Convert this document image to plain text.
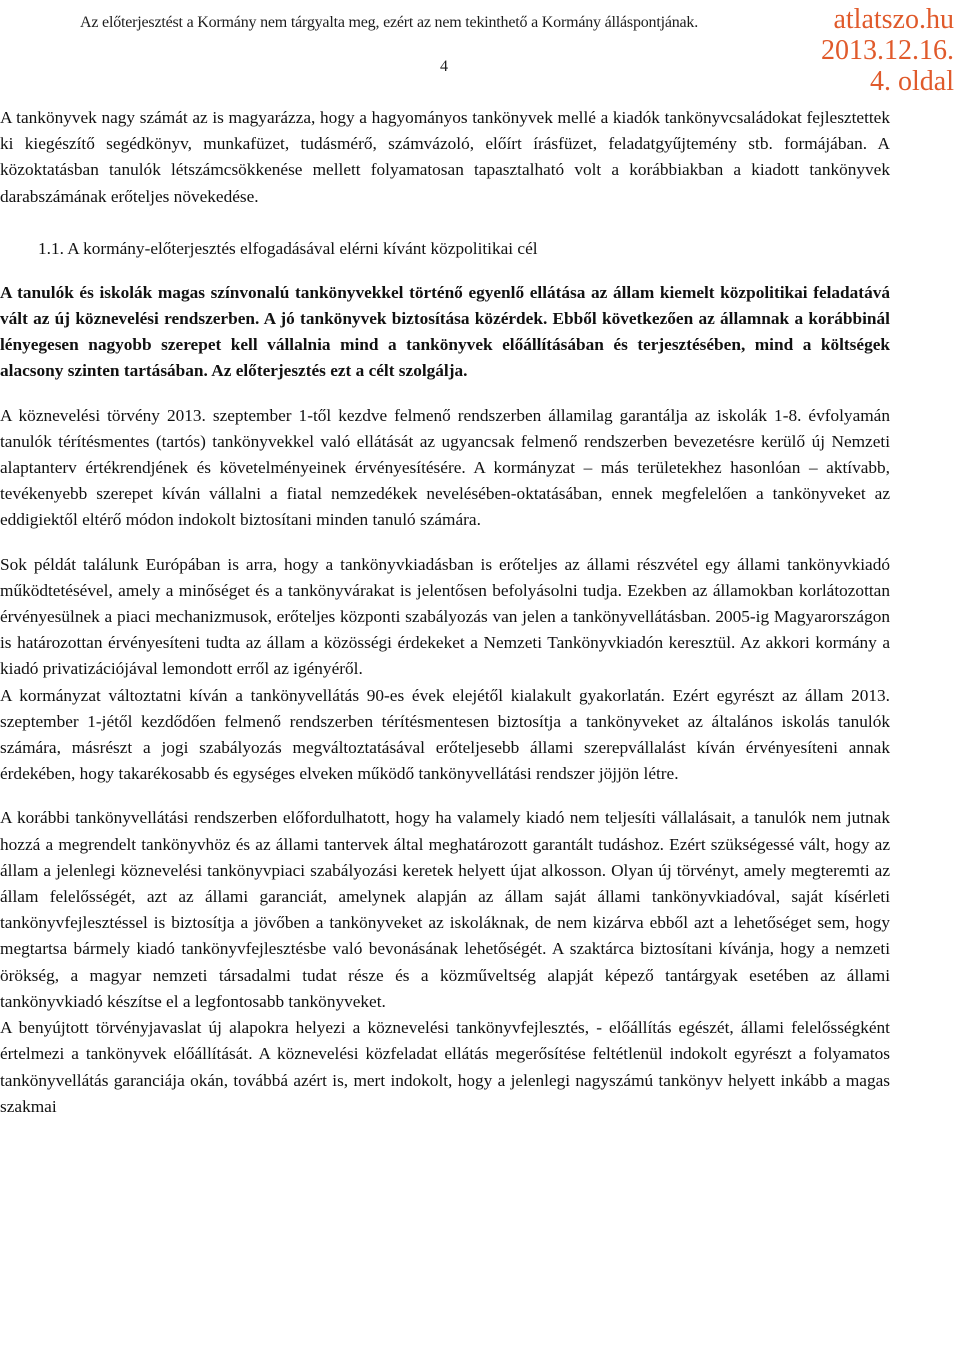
Az előterjesztést a Kormány nem tárgyalta meg, ezért az nem tekinthető a Kormány álláspontjának.
4
atlatszo.hu
2013.12.16.
4. oldal

A tankönyvek nagy számát az is magyarázza, hogy a hagyományos tankönyvek mellé a kiadók tankönyvcsaládokat fejlesztettek ki kiegészítő segédkönyv, munkafüzet, tudásmérő, számvázoló, előírt írásfüzet, feladatgyűjtemény stb. formájában. A közoktatásban tanulók létszámcsökkenése mellett folyamatosan tapasztalható volt a korábbiakban a kiadott tankönyvek darabszámának erőteljes növekedése.

1.1. A kormány-előterjesztés elfogadásával elérni kívánt közpolitikai cél

A tanulók és iskolák magas színvonalú tankönyvekkel történő egyenlő ellátása az állam kiemelt közpolitikai feladatává vált az új köznevelési rendszerben. A jó tankönyvek biztosítása közérdek. Ebből következően az államnak a korábbinál lényegesen nagyobb szerepet kell vállalnia mind a tankönyvek előállításában és terjesztésében, mind a költségek alacsony szinten tartásában. Az előterjesztés ezt a célt szolgálja.

A köznevelési törvény 2013. szeptember 1-től kezdve felmenő rendszerben államilag garantálja az iskolák 1-8. évfolyamán tanulók térítésmentes (tartós) tankönyvekkel való ellátását az ugyancsak felmenő rendszerben bevezetésre kerülő új Nemzeti alaptanterv értékrendjének és követelményeinek érvényesítésére. A kormányzat – más területekhez hasonlóan – aktívabb, tevékenyebb szerepet kíván vállalni a fiatal nemzedékek nevelésében-oktatásában, ennek megfelelően a tankönyveket az eddigiektől eltérő módon indokolt biztosítani minden tanuló számára.

Sok példát találunk Európában is arra, hogy a tankönyvkiadásban is erőteljes az állami részvétel egy állami tankönyvkiadó működtetésével, amely a minőséget és a tankönyvárakat is jelentősen befolyásolni tudja. Ezekben az államokban korlátozottan érvényesülnek a piaci mechanizmusok, erőteljes központi szabályozás van jelen a tankönyvellátásban. 2005-ig Magyarországon is határozottan érvényesíteni tudta az állam a közösségi érdekeket a Nemzeti Tankönyvkiadón keresztül. Az akkori kormány a kiadó privatizációjával lemondott erről az igényéről.

A kormányzat változtatni kíván a tankönyvellátás 90-es évek elejétől kialakult gyakorlatán. Ezért egyrészt az állam 2013. szeptember 1-jétől kezdődően felmenő rendszerben térítésmentesen biztosítja a tankönyveket az általános iskolás tanulók számára, másrészt a jogi szabályozás megváltoztatásával erőteljesebb állami szerepvállalást kíván érvényesíteni annak érdekében, hogy takarékosabb és egységes elveken működő tankönyvellátási rendszer jöjjön létre.

A korábbi tankönyvellátási rendszerben előfordulhatott, hogy ha valamely kiadó nem teljesíti vállalásait, a tanulók nem jutnak hozzá a megrendelt tankönyvhöz és az állami tantervek által meghatározott garantált tudáshoz. Ezért szükségessé vált, hogy az állam a jelenlegi köznevelési tankönyvpiaci szabályozási keretek helyett újat alkosson. Olyan új törvényt, amely megteremti az állam felelősségét, azt az állami garanciát, amelynek alapján az állam saját állami tankönyvkiadóval, saját kísérleti tankönyvfejlesztéssel is biztosítja a jövőben a tankönyveket az iskoláknak, de nem kizárva ebből azt a lehetőséget sem, hogy megtartsa bármely kiadó tankönyvfejlesztésbe való bevonásának lehetőségét. A szaktárca biztosítani kívánja, hogy a nemzeti örökség, a magyar nemzeti társadalmi tudat része és a közműveltség alapját képező tantárgyak esetében az állami tankönyvkiadó készítse el a legfontosabb tankönyveket.

A benyújtott törvényjavaslat új alapokra helyezi a köznevelési tankönyvfejlesztés, - előállítás egészét, állami felelősségként értelmezi a tankönyvek előállítását. A köznevelési közfeladat ellátás megerősítése feltétlenül indokolt egyrészt a folyamatos tankönyvellátás garanciája okán, továbbá azért is, mert indokolt, hogy a jelenlegi nagyszámú tankönyv helyett inkább a magas szakmai
